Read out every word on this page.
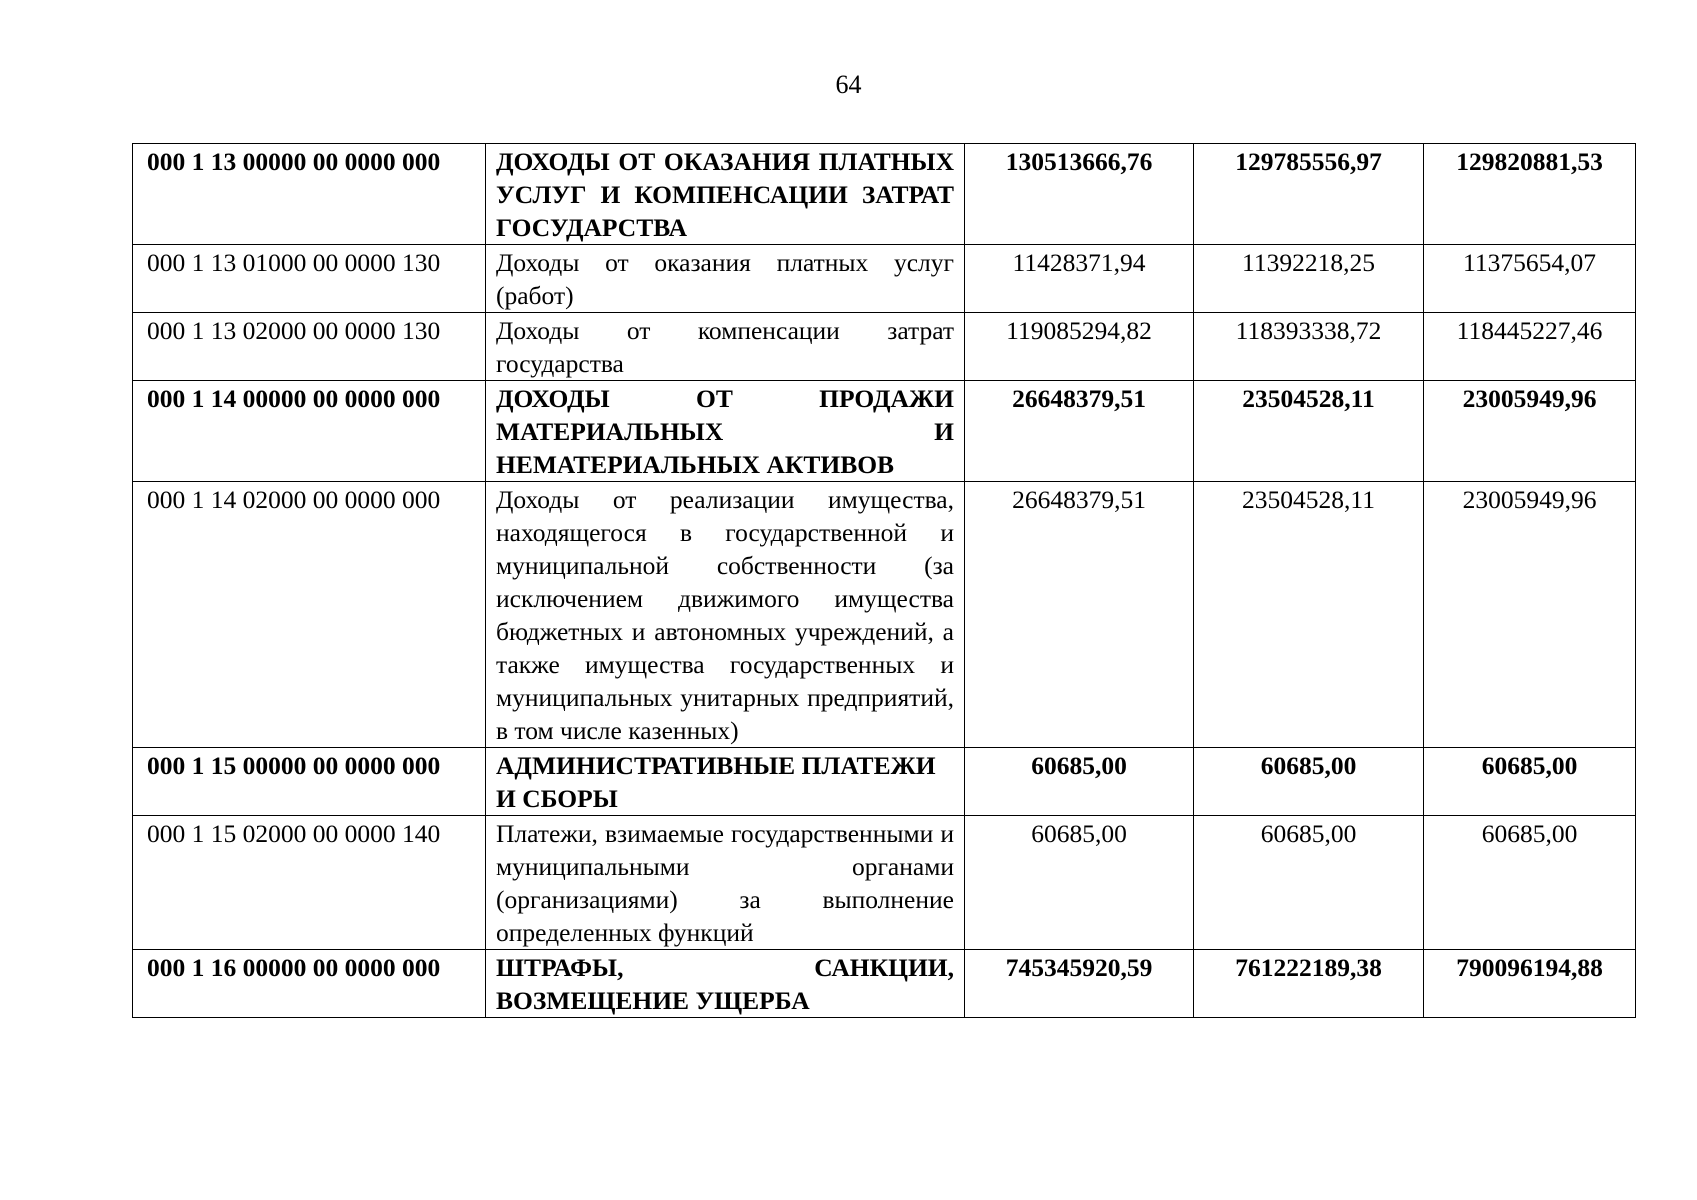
64
000 1 13 00000 00 0000 000	ДОХОДЫ ОТ ОКАЗАНИЯ ПЛАТНЫХ УСЛУГ И КОМПЕНСАЦИИ ЗАТРАТ ГОСУДАРСТВА	130513666,76	129785556,97	129820881,53
000 1 13 01000 00 0000 130	Доходы от оказания платных услуг (работ)	11428371,94	11392218,25	11375654,07
000 1 13 02000 00 0000 130	Доходы от компенсации затрат государства	119085294,82	118393338,72	118445227,46
000 1 14 00000 00 0000 000	ДОХОДЫ ОТ ПРОДАЖИ МАТЕРИАЛЬНЫХ И НЕМАТЕРИАЛЬНЫХ АКТИВОВ	26648379,51	23504528,11	23005949,96
000 1 14 02000 00 0000 000	Доходы от реализации имущества, находящегося в государственной и муниципальной собственности (за исключением движимого имущества бюджетных и автономных учреждений, а также имущества государственных и муниципальных унитарных предприятий, в том числе казенных)	26648379,51	23504528,11	23005949,96
000 1 15 00000 00 0000 000	АДМИНИСТРАТИВНЫЕ ПЛАТЕЖИ И СБОРЫ	60685,00	60685,00	60685,00
000 1 15 02000 00 0000 140	Платежи, взимаемые государственными и муниципальными органами (организациями) за выполнение определенных функций	60685,00	60685,00	60685,00
000 1 16 00000 00 0000 000	ШТРАФЫ, САНКЦИИ, ВОЗМЕЩЕНИЕ УЩЕРБА	745345920,59	761222189,38	790096194,88
